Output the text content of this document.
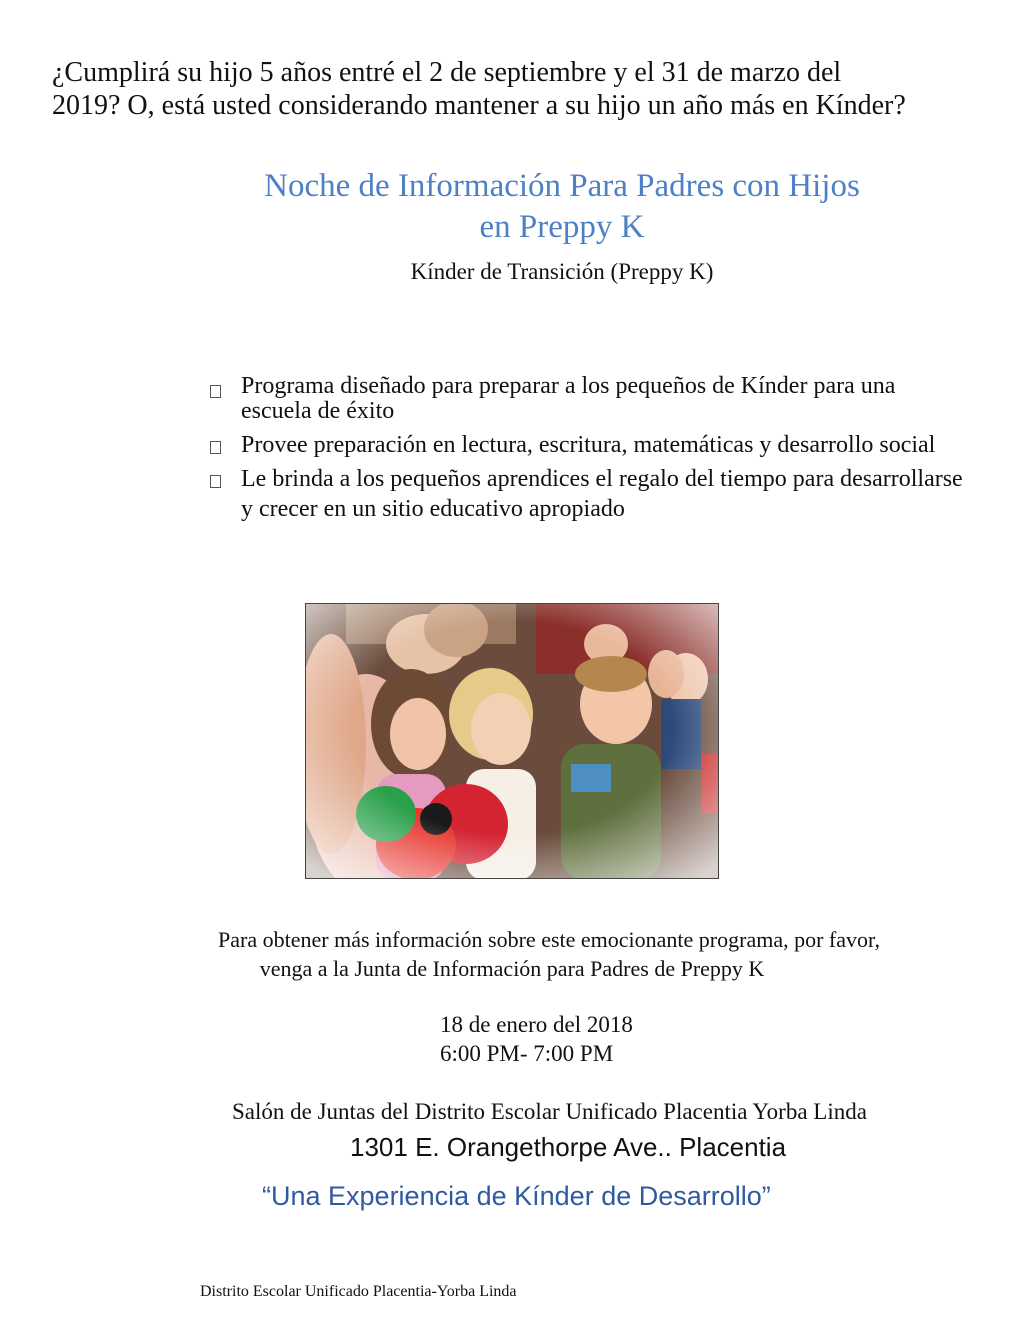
¿Cumplirá su hijo 5 años entré el 2 de septiembre y el 31 de marzo del
2019? O, está usted considerando mantener a su hijo un año más en Kínder?
Noche de Información Para Padres con Hijos
en Preppy K
Kínder de Transición (Preppy K)
Programa diseñado para preparar a los pequeños de Kínder para una escuela de éxito
Provee preparación en lectura, escritura, matemáticas y desarrollo social
Le brinda a los pequeños aprendices el regalo del tiempo para desarrollarse y crecer en un sitio educativo apropiado
Para obtener más información sobre este emocionante programa, por favor,
venga a la Junta de Información para Padres de Preppy K
18 de enero del 2018
6:00 PM- 7:00 PM
Salón de Juntas del Distrito Escolar Unificado Placentia Yorba Linda
1301 E. Orangethorpe Ave.. Placentia
“Una Experiencia de Kínder de Desarrollo”
Distrito Escolar Unificado Placentia-Yorba Linda
